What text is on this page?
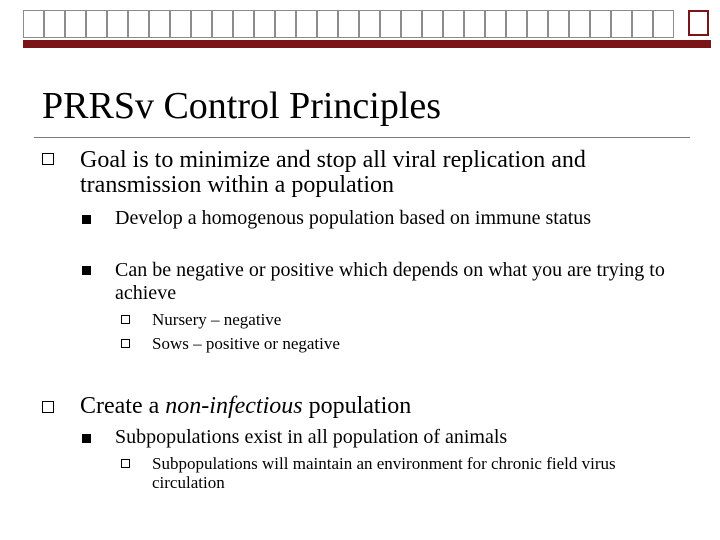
PRRSv Control Principles
Goal is to minimize and stop all viral replication and transmission within a population
Develop a homogenous population based on immune status
Can be negative or positive which depends on what you are trying to achieve
Nursery – negative
Sows – positive or negative
Create a non-infectious population
Subpopulations exist in all population of animals
Subpopulations will maintain an environment for chronic field virus circulation
